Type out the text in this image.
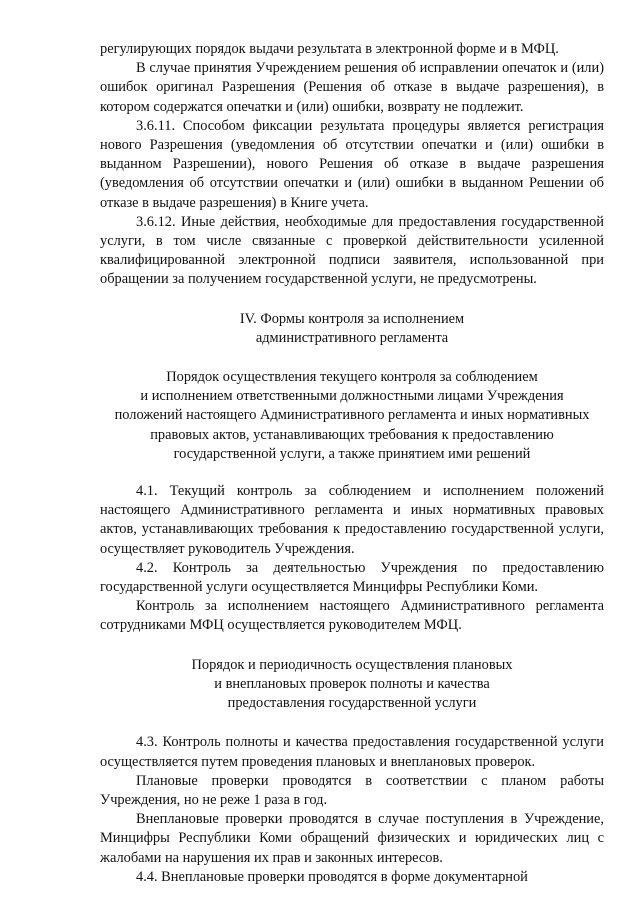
регулирующих порядок выдачи результата в электронной форме и в МФЦ.

В случае принятия Учреждением решения об исправлении опечаток и (или) ошибок оригинал Разрешения (Решения об отказе в выдаче разрешения), в котором содержатся опечатки и (или) ошибки, возврату не подлежит.

3.6.11. Способом фиксации результата процедуры является регистрация нового Разрешения (уведомления об отсутствии опечатки и (или) ошибки в выданном Разрешении), нового Решения об отказе в выдаче разрешения (уведомления об отсутствии опечатки и (или) ошибки в выданном Решении об отказе в выдаче разрешения) в Книге учета.

3.6.12. Иные действия, необходимые для предоставления государственной услуги, в том числе связанные с проверкой действительности усиленной квалифицированной электронной подписи заявителя, использованной при обращении за получением государственной услуги, не предусмотрены.

IV. Формы контроля за исполнением

административного регламента

Порядок осуществления текущего контроля за соблюдением

и исполнением ответственными должностными лицами Учреждения

положений настоящего Административного регламента и иных нормативных

правовых актов, устанавливающих требования к предоставлению

государственной услуги, а также принятием ими решений

4.1. Текущий контроль за соблюдением и исполнением положений настоящего Административного регламента и иных нормативных правовых актов, устанавливающих требования к предоставлению государственной услуги, осуществляет руководитель Учреждения.

4.2. Контроль за деятельностью Учреждения по предоставлению государственной услуги осуществляется Минцифры Республики Коми.

Контроль за исполнением настоящего Административного регламента сотрудниками МФЦ осуществляется руководителем МФЦ.

Порядок и периодичность осуществления плановых

и внеплановых проверок полноты и качества

предоставления государственной услуги

4.3. Контроль полноты и качества предоставления государственной услуги осуществляется путем проведения плановых и внеплановых проверок.

Плановые проверки проводятся в соответствии с планом работы Учреждения, но не реже 1 раза в год.

Внеплановые проверки проводятся в случае поступления в Учреждение, Минцифры Республики Коми обращений физических и юридических лиц с жалобами на нарушения их прав и законных интересов.

4.4. Внеплановые проверки проводятся в форме документарной
